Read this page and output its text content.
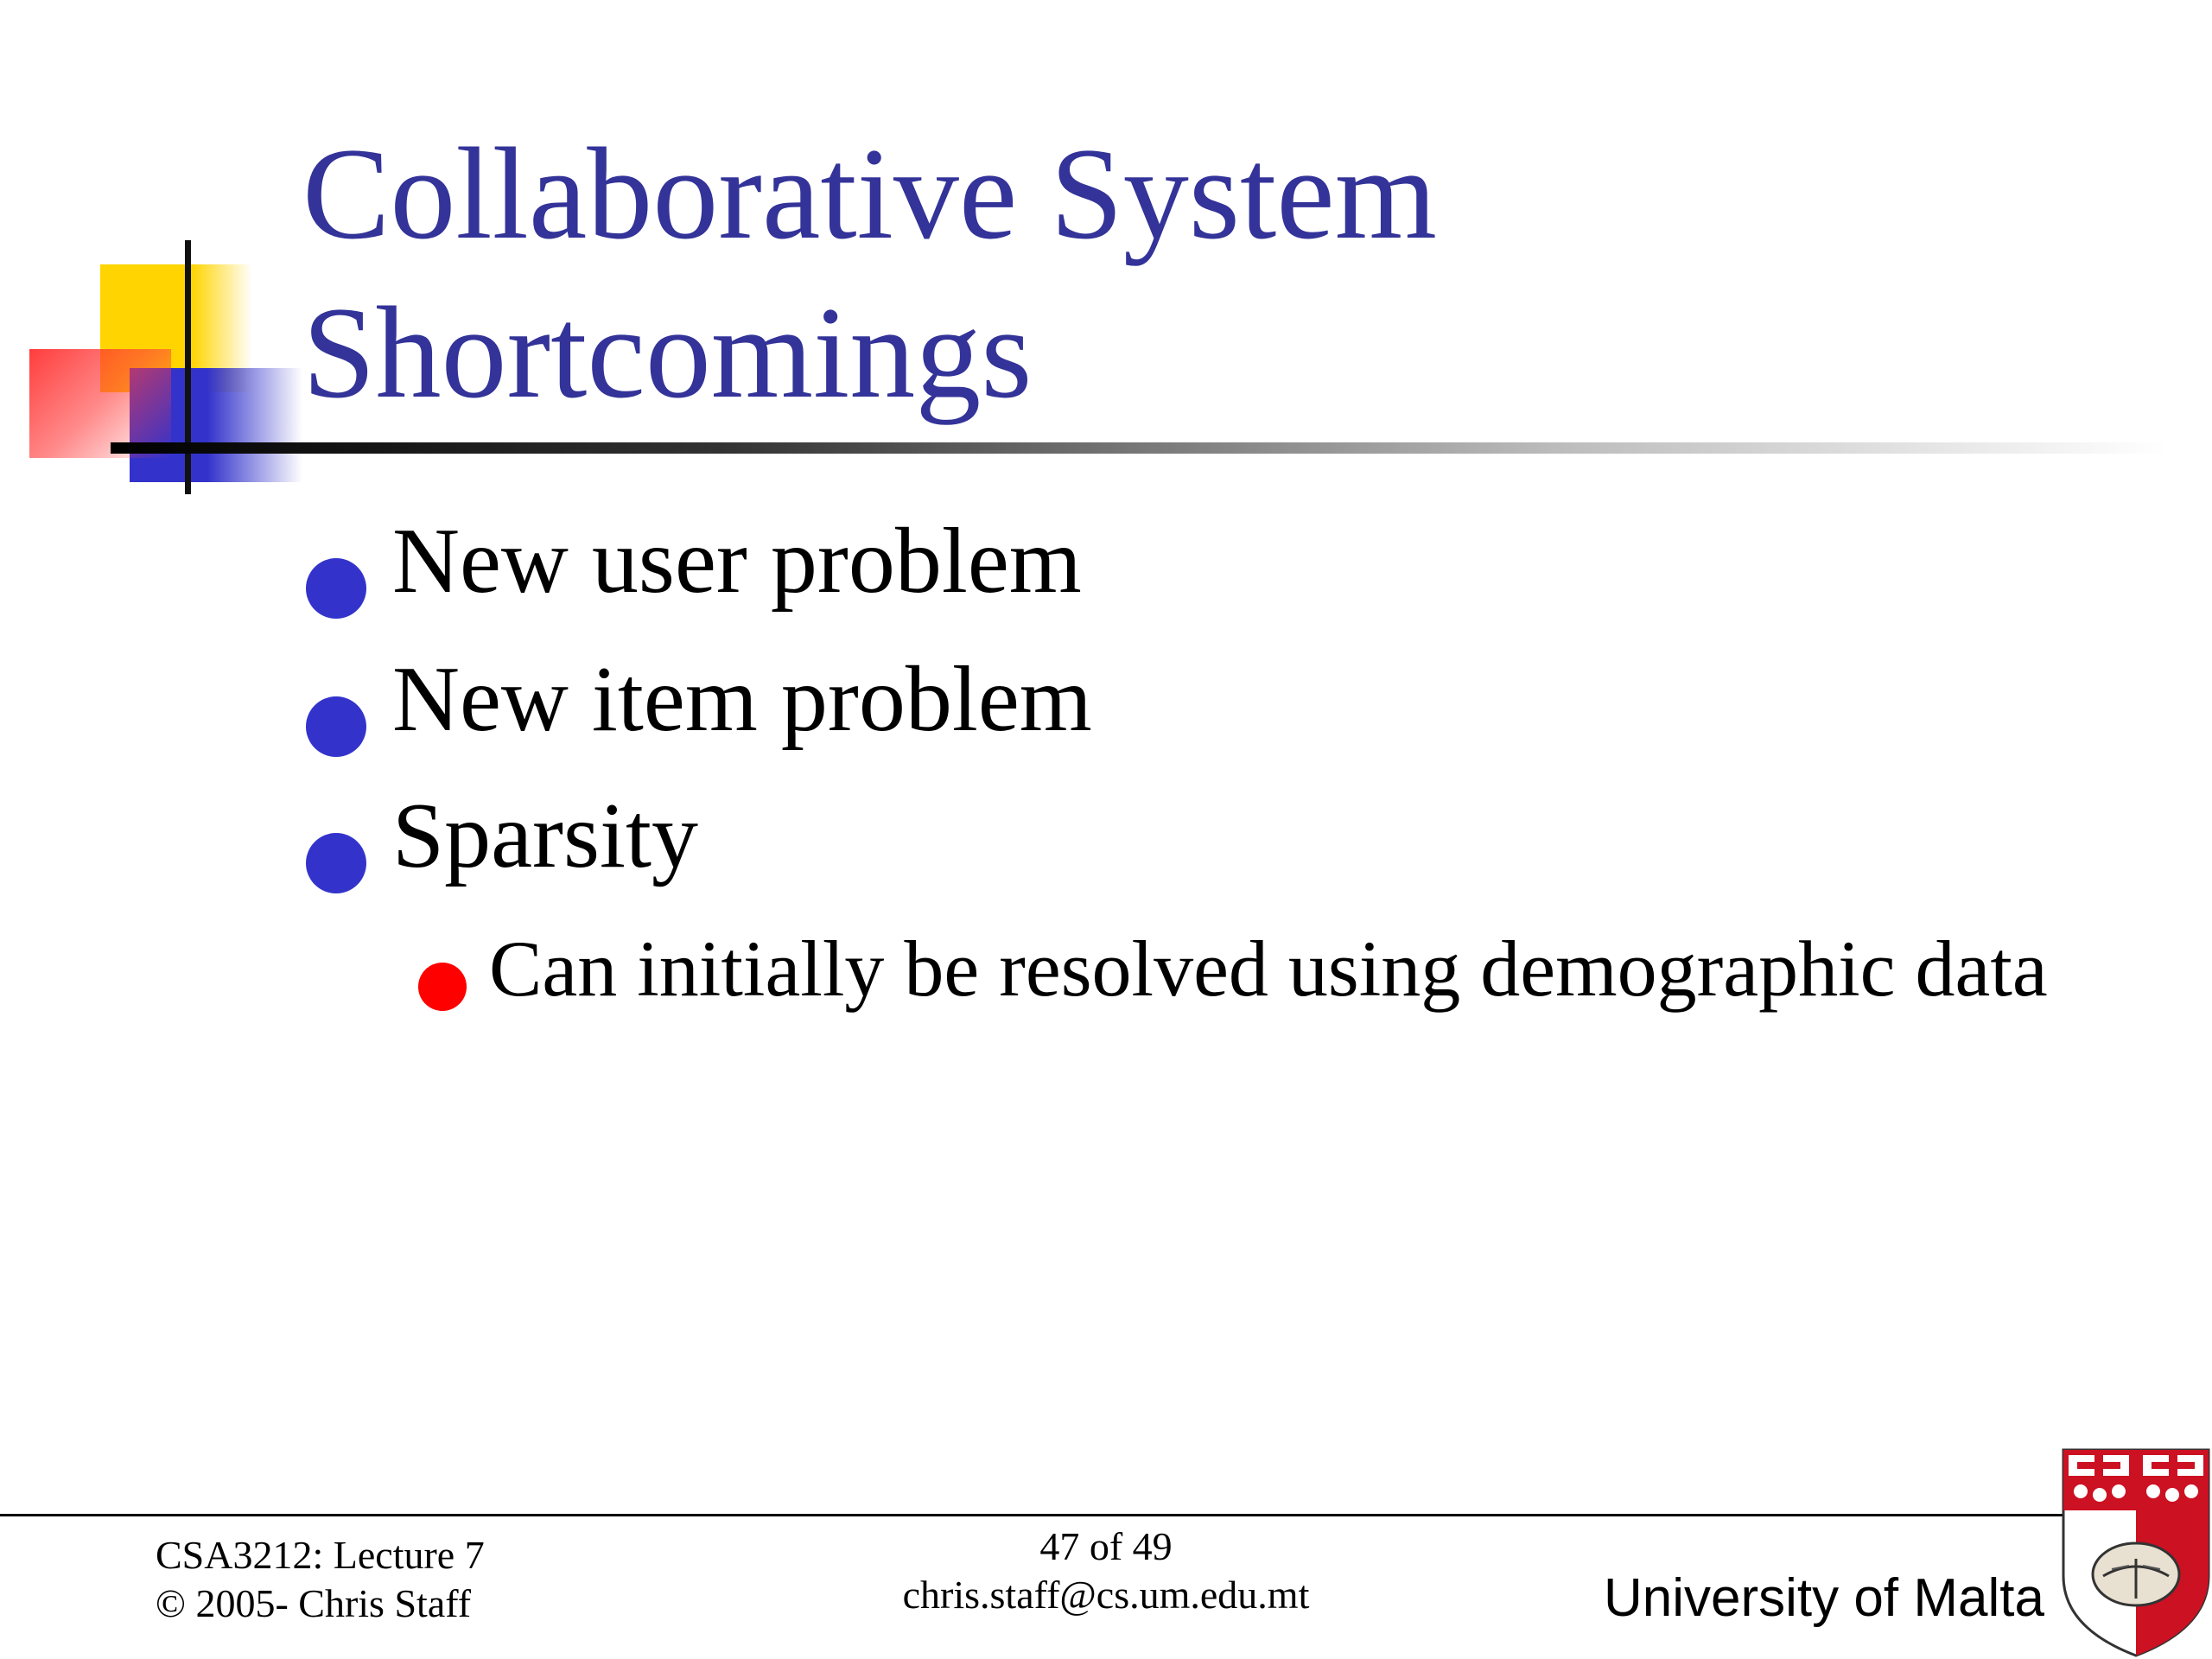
Collaborative System
Shortcomings
New user problem
New item problem
Sparsity
Can initially be resolved using demographic data
CSA3212: Lecture 7
© 2005- Chris Staff
47 of 49
chris.staff@cs.um.edu.mt	University of Malta
